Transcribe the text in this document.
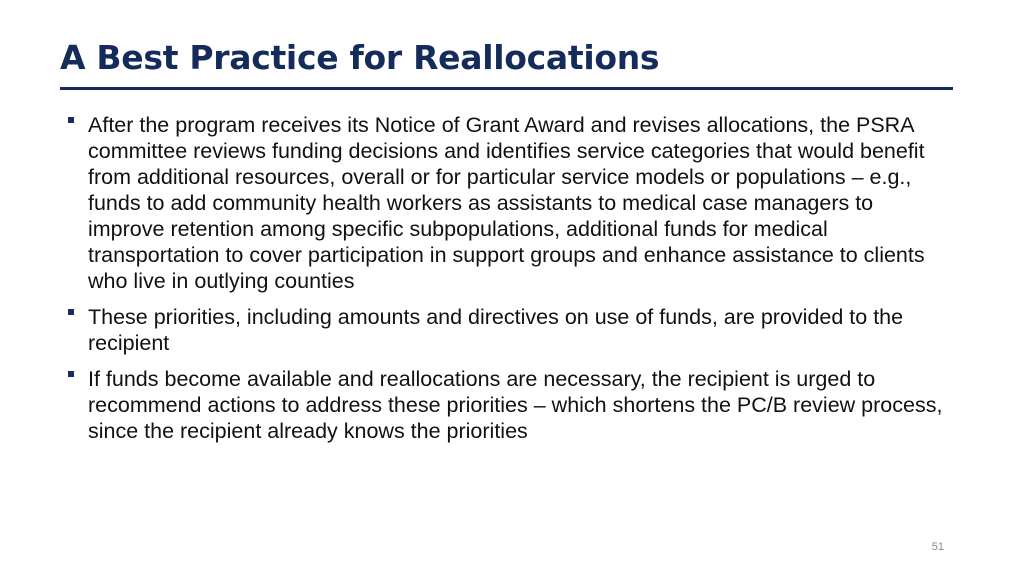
A Best Practice for Reallocations
After the program receives its Notice of Grant Award and revises allocations, the PSRA committee reviews funding decisions and identifies service categories that would benefit from additional resources, overall or for particular service models or populations – e.g., funds to add community health workers as assistants to medical case managers to improve retention among specific subpopulations, additional funds for medical transportation to cover participation in support groups and enhance assistance to clients who live in outlying counties
These priorities, including amounts and directives on use of funds, are provided to the recipient
If funds become available and reallocations are necessary, the recipient is urged to recommend actions to address these priorities – which shortens the PC/B review process, since the recipient already knows the priorities
51
